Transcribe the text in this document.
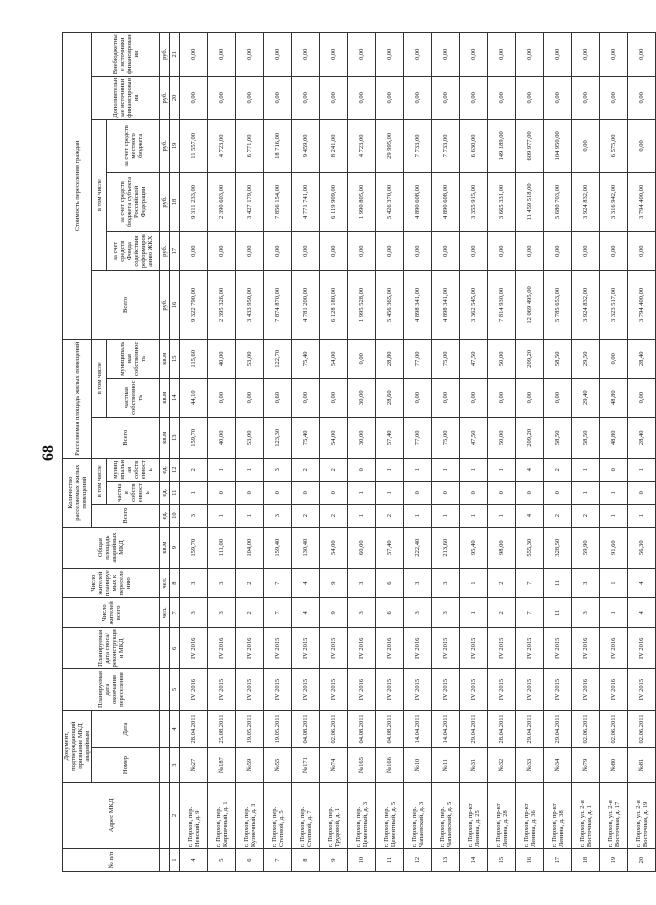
68
№ п/п	Адрес МКД	Документ, подтверждающий признание МКД аварийным		Планируемая дата окончания переселения	Планируемая дата сноса/реконструкции МКД	Число жителей всего	Число жителей планируемых к переселению	Общая площадь аварийных МКД	Количество расселяемых жилых помещений			Расселяемая площадь жилых помещений			Стоимость переселения граждан					
		Номер	Дата						Всего	в том числе		Всего	в том числе		Всего	в том числе			Дополнительные источники финансирования	Внебюджетные источники финансирования
										частная собственность	муниципальная собственность		частная собственность	муниципальная собственность		за счет средств Фонда содействия реформированию ЖКХ	за счет средств бюджета субъекта Российской Федерации	за счет средств местного бюджета		
						чел.	чел.	кв.м	ед.	ед.	ед.	кв.м	кв.м	кв.м	руб.	руб.	руб.	руб.	руб.	руб.
1	2	3	4	5	6	7	8	9	10	11	12	13	14	15	16	17	18	19	20	21
4	г. Порхов, пер. Невский, д. 9	№27	28.04.2011	IV 2016	IV 2016	3	3	159,70	3	1	2	159,70	44,10	115,60	9 322 790,00	0,00	9 311 233,00	11 557,00	0,00	0,00
5	г. Порхов, пер. Кирпичный, д. 1	№187	25.08.2011	IV 2015	IV 2016	3	3	111,00	1	0	1	40,00	0,00	40,00	2 395 326,00	0,00	2 390 603,00	4 723,00	0,00	0,00
6	г. Порхов, пер. Кузнечный, д. 3	№59	19.05.2011	IV 2015	IV 2016	2	2	104,00	1	0	1	53,00	0,00	53,00	3 433 950,00	0,00	3 427 179,00	6 771,00	0,00	0,00
7	г. Порхов, пер. Степной, д. 5	№55	19.05.2011	IV 2015	IV 2015	7	7	159,40	3	0	3	123,30	0,60	122,70	7 874 870,00	0,00	7 856 154,00	18 716,00	0,00	0,00
8	г. Порхов, пер. Степной, д. 7	№171	04.08.2011	IV 2015	IV 2015	4	4	130,40	2	0	2	75,40	0,00	75,40	4 781 200,00	0,00	4 771 741,00	9 459,00	0,00	0,00
9	г. Порхов, пер. Трудовой, д. 1	№74	02.06.2011	IV 2015	IV 2015	9	9	54,00	2	0	2	54,00	0,00	54,00	6 128 180,00	0,00	6 119 909,00	8 241,00	0,00	0,00
10	г. Порхов, пер. Цементный, д. 3	№165	04.08.2011	IV 2016	IV 2016	3	3	60,00	1	1	0	30,00	30,00	0,00	1 995 528,00	0,00	1 990 805,00	4 723,00	0,00	0,00
11	г. Порхов, пер. Цементный, д. 5	№166	04.08.2011	IV 2015	IV 2016	6	6	57,40	2	1	1	57,40	28,60	28,80	5 456 365,00	0,00	5 426 370,00	29 995,00	0,00	0,00
12	г. Порхов, пер. Чапаевский, д. 3	№10	14.04.2011	IV 2015	IV 2016	3	3	222,40	1	0	1	77,00	0,00	77,00	4 898 341,00	0,00	4 890 608,00	7 733,00	0,00	0,00
13	г. Порхов, пер. Чапаевский, д. 5	№11	14.04.2011	IV 2015	IV 2015	3	3	213,60	1	0	1	75,00	0,00	75,00	4 898 341,00	0,00	4 890 608,00	7 733,00	0,00	0,00
14	г. Порхов, пр-кт Ленина, д. 25	№31	29.04.2011	IV 2015	IV 2015	1	1	95,40	1	0	1	47,50	0,00	47,50	3 362 545,00	0,00	3 355 915,00	6 630,00	0,00	0,00
15	г. Порхов, пр-кт Ленина, д. 28	№32	28.04.2011	IV 2015	IV 2015	2	2	98,00	1	0	1	50,00	0,00	50,00	7 814 930,00	0,00	3 665 331,00	149 189,00	0,00	0,00
16	г. Порхов, пр-кт Ленина, д. 36	№33	29.04.2011	IV 2015	IV 2015	7	7	555,30	4	0	4	209,20	0,00	209,20	12 069 495,00	0,00	11 459 518,00	609 977,00	0,00	0,00
17	г. Порхов, пр-кт Ленина, д. 38	№34	29.04.2011	IV 2015	IV 2015	11	11	328,50	2	0	2	58,50	0,00	58,50	5 785 653,00	0,00	5 680 703,00	104 950,00	0,00	0,00
18	г. Порхов, ул. 2-я Восточная, д. 1	№79	02.06.2011	IV 2016	IV 2016	3	3	59,90	2	1	1	58,50	29,40	29,50	3 924 832,00	0,00	3 924 832,00	0,00	0,00	0,00
19	г. Порхов, ул. 2-я Восточная, д. 17	№80	02.06.2011	IV 2016	IV 2016	1	1	91,60	1	1	0	48,80	48,80	0,00	3 323 517,00	0,00	3 316 942,00	6 575,00	0,00	0,00
20	г. Порхов, ул. 2-я Восточная, д. 19	№81	02.06.2011	IV 2015	IV 2016	4	4	56,30	1	0	1	28,40	0,00	28,40	3 794 400,00	0,00	3 794 400,00	0,00	0,00	0,00
